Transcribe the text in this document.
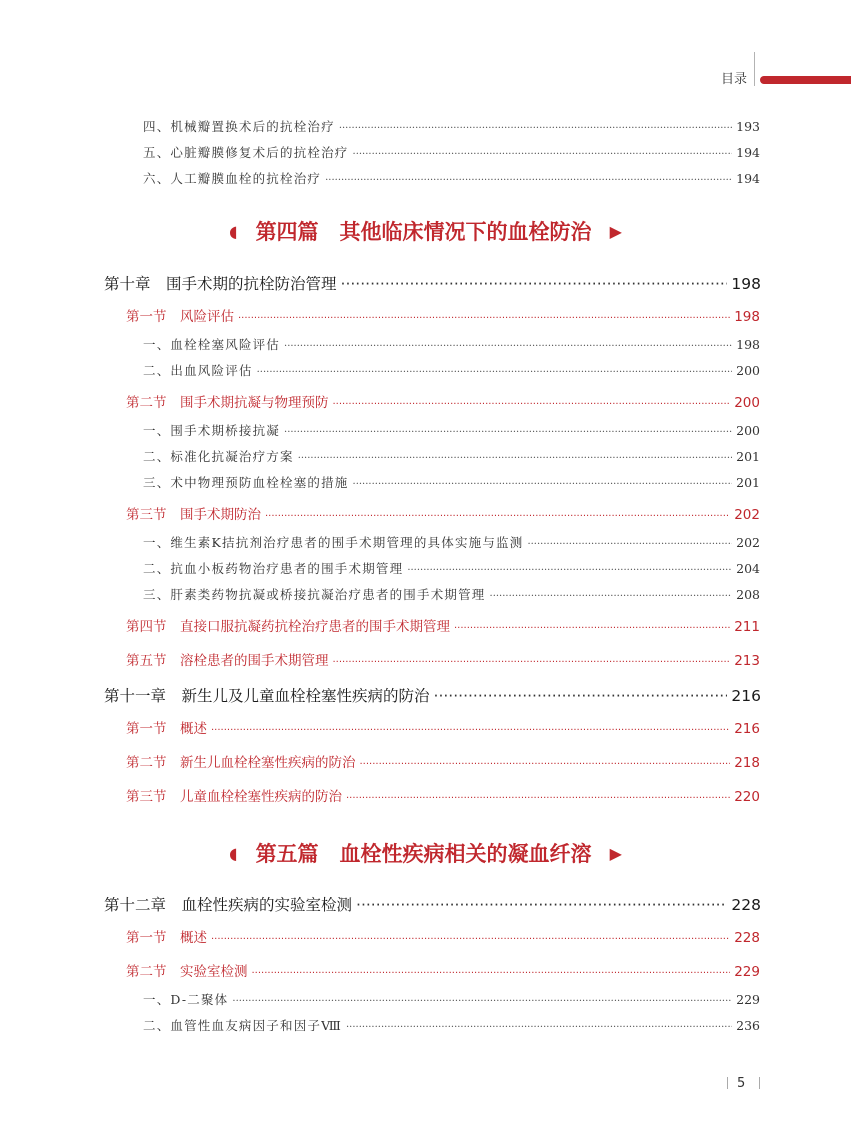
目录
四、机械瓣置换术后的抗栓治疗 ·····	193
五、心脏瓣膜修复术后的抗栓治疗 ·····	194
六、人工瓣膜血栓的抗栓治疗 ·····	194
◖ 第四篇　其他临床情况下的血栓防治 ▶
第十章　围手术期的抗栓防治管理 ·····	198
第一节　风险评估 ·····	198
一、血栓栓塞风险评估 ·····	198
二、出血风险评估 ·····	200
第二节　围手术期抗凝与物理预防 ·····	200
一、围手术期桥接抗凝 ·····	200
二、标准化抗凝治疗方案 ·····	201
三、术中物理预防血栓栓塞的措施 ·····	201
第三节　围手术期防治 ·····	202
一、维生素K拮抗剂治疗患者的围手术期管理的具体实施与监测 ·····	202
二、抗血小板药物治疗患者的围手术期管理 ·····	204
三、肝素类药物抗凝或桥接抗凝治疗患者的围手术期管理 ·····	208
第四节　直接口服抗凝药抗栓治疗患者的围手术期管理 ·····	211
第五节　溶栓患者的围手术期管理 ·····	213
第十一章　新生儿及儿童血栓栓塞性疾病的防治 ·····	216
第一节　概述 ·····	216
第二节　新生儿血栓栓塞性疾病的防治 ·····	218
第三节　儿童血栓栓塞性疾病的防治 ·····	220
◖ 第五篇　血栓性疾病相关的凝血纤溶 ▶
第十二章　血栓性疾病的实验室检测 ·····	228
第一节　概述 ·····	228
第二节　实验室检测 ·····	229
一、D-二聚体 ·····	229
二、血管性血友病因子和因子Ⅷ ·····	236
5
